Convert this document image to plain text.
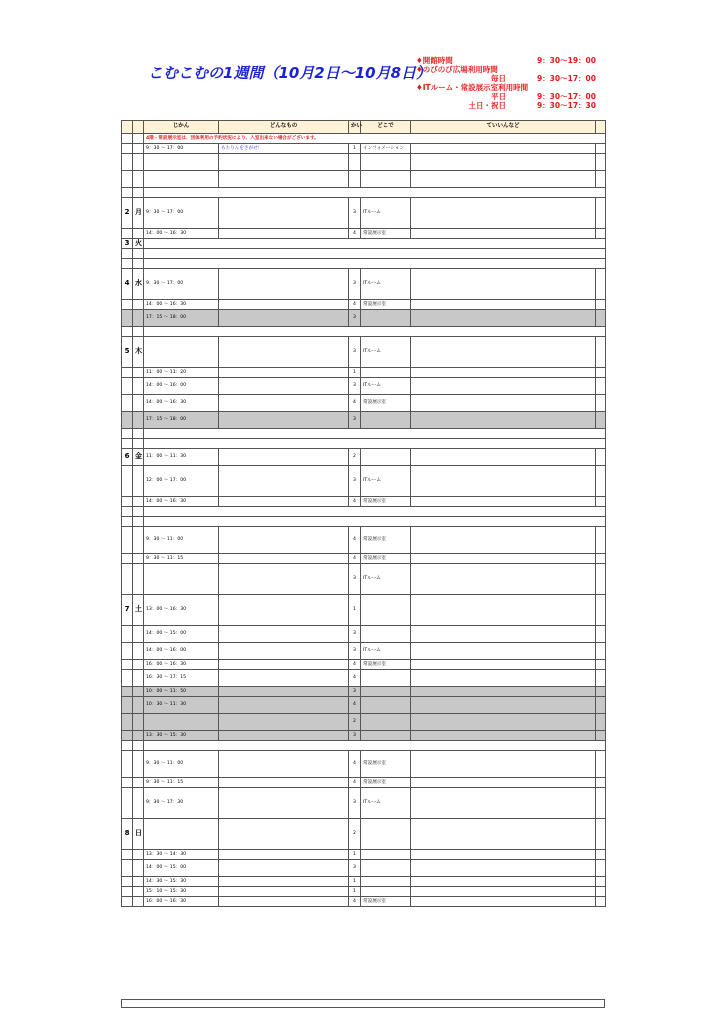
こむこむの1週間（10月2日～10月8日）
♦開館時間	9：30～19：00
♦のびのび広場利用時間
毎日	9：30～17：00
♦ITルーム・常設展示室利用時間
平日	9：30～17：00
土日・祝日	9：30～17：30
		じかん	どんなもの	かい	どこで	ていいんなど	
		4階・常設展示室は、団体利用の予約状況により、入室出来ない場合がございます。					
		9：30 ～ 17：00	もちりんをさがせ！	1	インフォメーション		

2	月	9：30 ～ 17：00		3	ITルーム		
		14：00 ～ 16：30		4	常設展示室		
3	火						

4	水	9：30 ～ 17：00		3	ITルーム		
		14：00 ～ 16：30		4	常設展示室		
		17：15 ～ 18：00		3			

5	木			3	ITルーム		
		11：00 ～ 11：20		1			
		14：00 ～ 16：00		3	ITルーム		
		14：00 ～ 16：30		4	常設展示室		
		17：15 ～ 18：00		3			

6	金	11：00 ～ 11：30		2			
		12：00 ～ 17：00		3	ITルーム		
		14：00 ～ 16：30		4	常設展示室		

		9：30 ～ 11：00		4	常設展示室		
		9：30 ～ 11：15		4	常設展示室		
				3	ITルーム		
7	土	13：00 ～ 16：30		1			
		14：00 ～ 15：00		3			
		14：00 ～ 16：00		3	ITルーム		
		16：00 ～ 16：30		4	常設展示室		
		16：30 ～ 17：15		4			
		10：00 ～ 11：50		3			
		10：30 ～ 11：30		4			
				2			
		13：30 ～ 15：30		3			

		9：30 ～ 11：00		4	常設展示室		
		9：30 ～ 11：15		4	常設展示室		
		9：30 ～ 17：30		3	ITルーム		
8	日			2			
		13：30 ～ 14：30		1			
		14：00 ～ 15：00		3			
		14：30 ～ 15：30		1			
		15：10 ～ 15：30		1			
		16：00 ～ 16：30		4	常設展示室		
